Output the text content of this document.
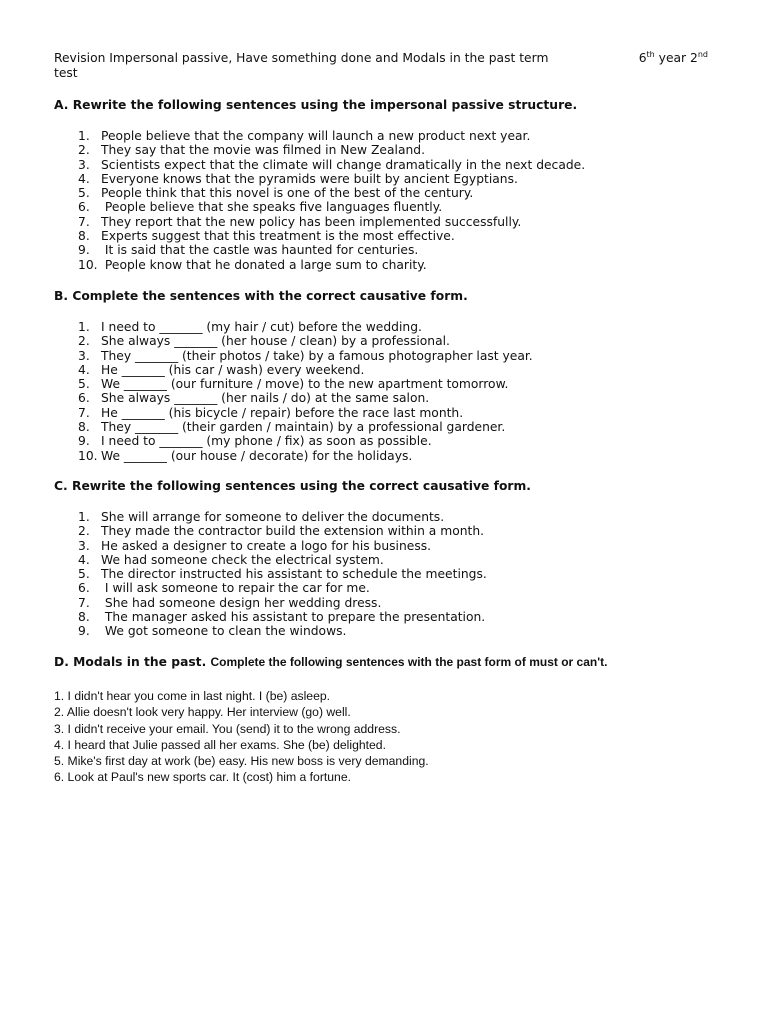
Revision Impersonal passive, Have something done and Modals in the past term test
6th year 2nd
A. Rewrite the following sentences using the impersonal passive structure.
1. People believe that the company will launch a new product next year.
2. They say that the movie was filmed in New Zealand.
3. Scientists expect that the climate will change dramatically in the next decade.
4. Everyone knows that the pyramids were built by ancient Egyptians.
5. People think that this novel is one of the best of the century.
6. People believe that she speaks five languages fluently.
7. They report that the new policy has been implemented successfully.
8. Experts suggest that this treatment is the most effective.
9. It is said that the castle was haunted for centuries.
10. People know that he donated a large sum to charity.
B. Complete the sentences with the correct causative form.
1. I need to _______ (my hair / cut) before the wedding.
2. She always _______ (her house / clean) by a professional.
3. They _______ (their photos / take) by a famous photographer last year.
4. He _______ (his car / wash) every weekend.
5. We _______ (our furniture / move) to the new apartment tomorrow.
6. She always _______ (her nails / do) at the same salon.
7. He _______ (his bicycle / repair) before the race last month.
8. They _______ (their garden / maintain) by a professional gardener.
9. I need to _______ (my phone / fix) as soon as possible.
10. We _______ (our house / decorate) for the holidays.
C. Rewrite the following sentences using the correct causative form.
1. She will arrange for someone to deliver the documents.
2. They made the contractor build the extension within a month.
3. He asked a designer to create a logo for his business.
4. We had someone check the electrical system.
5. The director instructed his assistant to schedule the meetings.
6. I will ask someone to repair the car for me.
7. She had someone design her wedding dress.
8. The manager asked his assistant to prepare the presentation.
9. We got someone to clean the windows.
D. Modals in the past. Complete the following sentences with the past form of must or can't.
1. I didn't hear you come in last night. I (be) asleep.
2. Allie doesn't look very happy. Her interview (go) well.
3. I didn't receive your email. You (send) it to the wrong address.
4. I heard that Julie passed all her exams. She (be) delighted.
5. Mike's first day at work (be) easy. His new boss is very demanding.
6. Look at Paul's new sports car. It (cost) him a fortune.
